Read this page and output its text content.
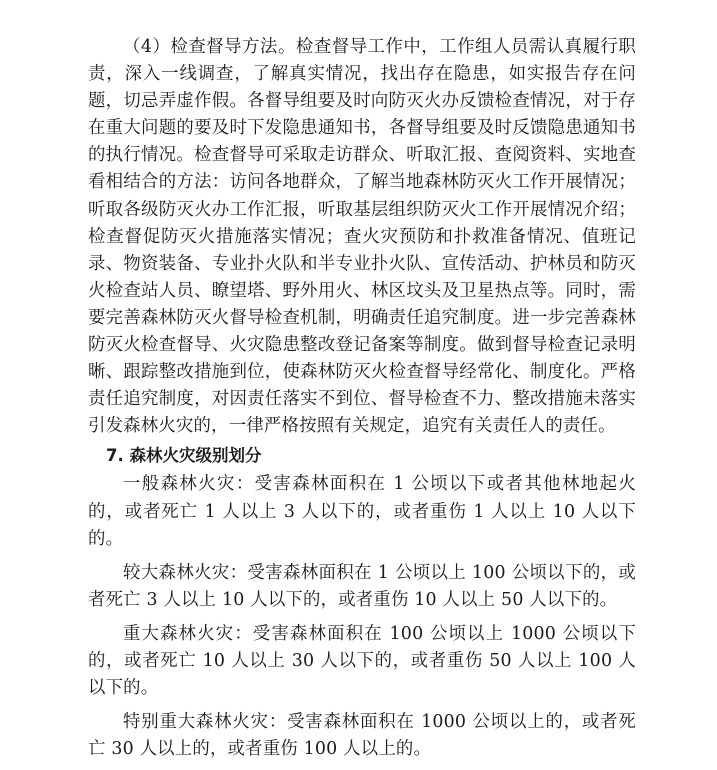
（4）检查督导方法。检查督导工作中，工作组人员需认真履行职责，深入一线调查，了解真实情况，找出存在隐患，如实报告存在问题，切忌弄虚作假。各督导组要及时向防灭火办反馈检查情况，对于存在重大问题的要及时下发隐患通知书，各督导组要及时反馈隐患通知书的执行情况。检查督导可采取走访群众、听取汇报、查阅资料、实地查看相结合的方法：访问各地群众，了解当地森林防灭火工作开展情况；听取各级防灭火办工作汇报，听取基层组织防灭火工作开展情况介绍；检查督促防灭火措施落实情况；查火灾预防和扑救准备情况、值班记录、物资装备、专业扑火队和半专业扑火队、宣传活动、护林员和防灭火检查站人员、瞭望塔、野外用火、林区坟头及卫星热点等。同时，需要完善森林防灭火督导检查机制，明确责任追究制度。进一步完善森林防灭火检查督导、火灾隐患整改登记备案等制度。做到督导检查记录明晰、跟踪整改措施到位，使森林防灭火检查督导经常化、制度化。严格责任追究制度，对因责任落实不到位、督导检查不力、整改措施未落实引发森林火灾的，一律严格按照有关规定，追究有关责任人的责任。

7. 森林火灾级别划分

一般森林火灾：受害森林面积在 1 公顷以下或者其他林地起火的，或者死亡 1 人以上 3 人以下的，或者重伤 1 人以上 10 人以下的。

较大森林火灾：受害森林面积在 1 公顷以上 100 公顷以下的，或者死亡 3 人以上 10 人以下的，或者重伤 10 人以上 50 人以下的。

重大森林火灾：受害森林面积在 100 公顷以上 1000 公顷以下的，或者死亡 10 人以上 30 人以下的，或者重伤 50 人以上 100 人以下的。

特别重大森林火灾：受害森林面积在 1000 公顷以上的，或者死亡 30 人以上的，或者重伤 100 人以上的。
